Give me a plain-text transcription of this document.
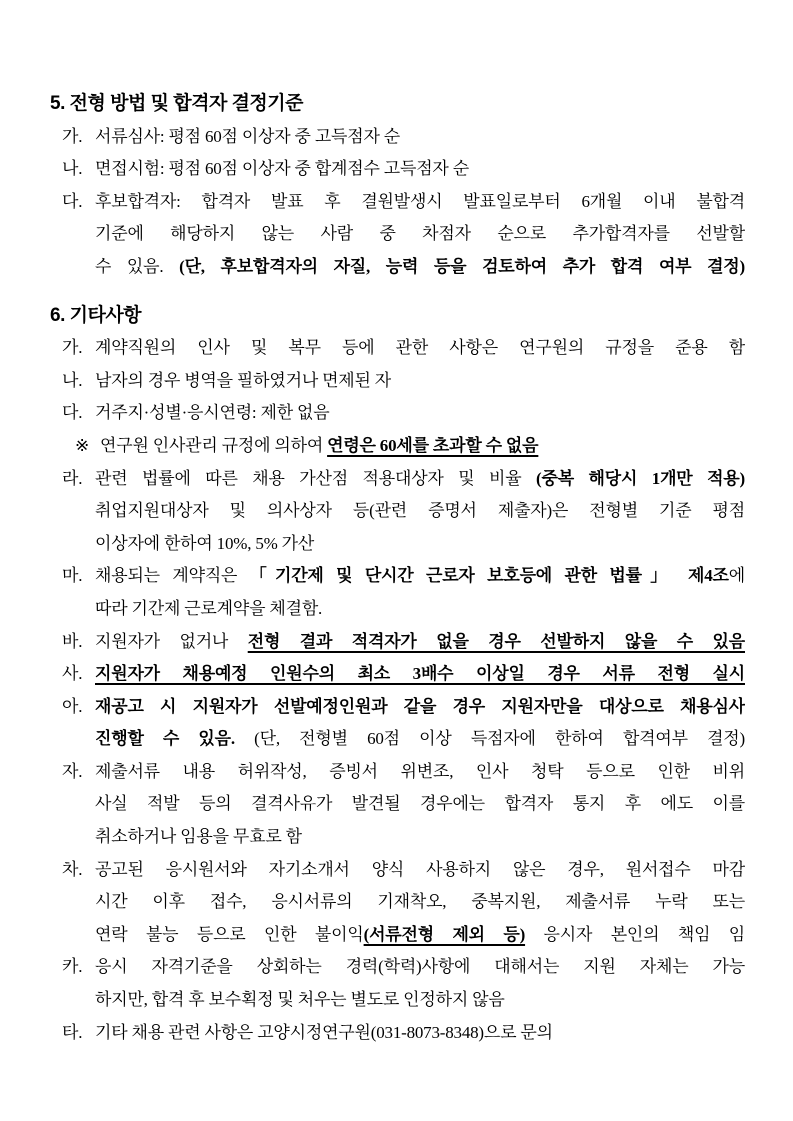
5. 전형 방법 및 합격자 결정기준
가. 서류심사: 평점 60점 이상자 중 고득점자 순
나. 면접시험: 평점 60점 이상자 중 합계점수 고득점자 순
다. 후보합격자: 합격자 발표 후 결원발생시 발표일로부터 6개월 이내 불합격
기준에 해당하지 않는 사람 중 차점자 순으로 추가합격자를 선발할
수 있음. (단, 후보합격자의 자질, 능력 등을 검토하여 추가 합격 여부 결정)
6. 기타사항
가. 계약직원의 인사 및 복무 등에 관한 사항은 연구원의 규정을 준용 함
나. 남자의 경우 병역을 필하였거나 면제된 자
다. 거주지·성별·응시연령: 제한 없음
※ 연구원 인사관리 규정에 의하여 연령은 60세를 초과할 수 없음
라. 관련 법률에 따른 채용 가산점 적용대상자 및 비율 (중복 해당시 1개만 적용)
취업지원대상자 및 의사상자 등(관련 증명서 제출자)은 전형별 기준 평점
이상자에 한하여 10%, 5% 가산
마. 채용되는 계약직은 「기간제 및 단시간 근로자 보호등에 관한 법률」 제4조에
따라 기간제 근로계약을 체결함.
바. 지원자가 없거나 전형 결과 적격자가 없을 경우 선발하지 않을 수 있음
사. 지원자가 채용예정 인원수의 최소 3배수 이상일 경우 서류 전형 실시
아. 재공고 시 지원자가 선발예정인원과 같을 경우 지원자만을 대상으로 채용심사
진행할 수 있음. (단, 전형별 60점 이상 득점자에 한하여 합격여부 결정)
자. 제출서류 내용 허위작성, 증빙서 위변조, 인사 청탁 등으로 인한 비위
사실 적발 등의 결격사유가 발견될 경우에는 합격자 통지 후 에도 이를
취소하거나 임용을 무효로 함
차. 공고된 응시원서와 자기소개서 양식 사용하지 않은 경우, 원서접수 마감
시간 이후 접수, 응시서류의 기재착오, 중복지원, 제출서류 누락 또는
연락 불능 등으로 인한 불이익(서류전형 제외 등) 응시자 본인의 책임 임
카. 응시 자격기준을 상회하는 경력(학력)사항에 대해서는 지원 자체는 가능
하지만, 합격 후 보수획정 및 처우는 별도로 인정하지 않음
타. 기타 채용 관련 사항은 고양시정연구원(031-8073-8348)으로 문의
